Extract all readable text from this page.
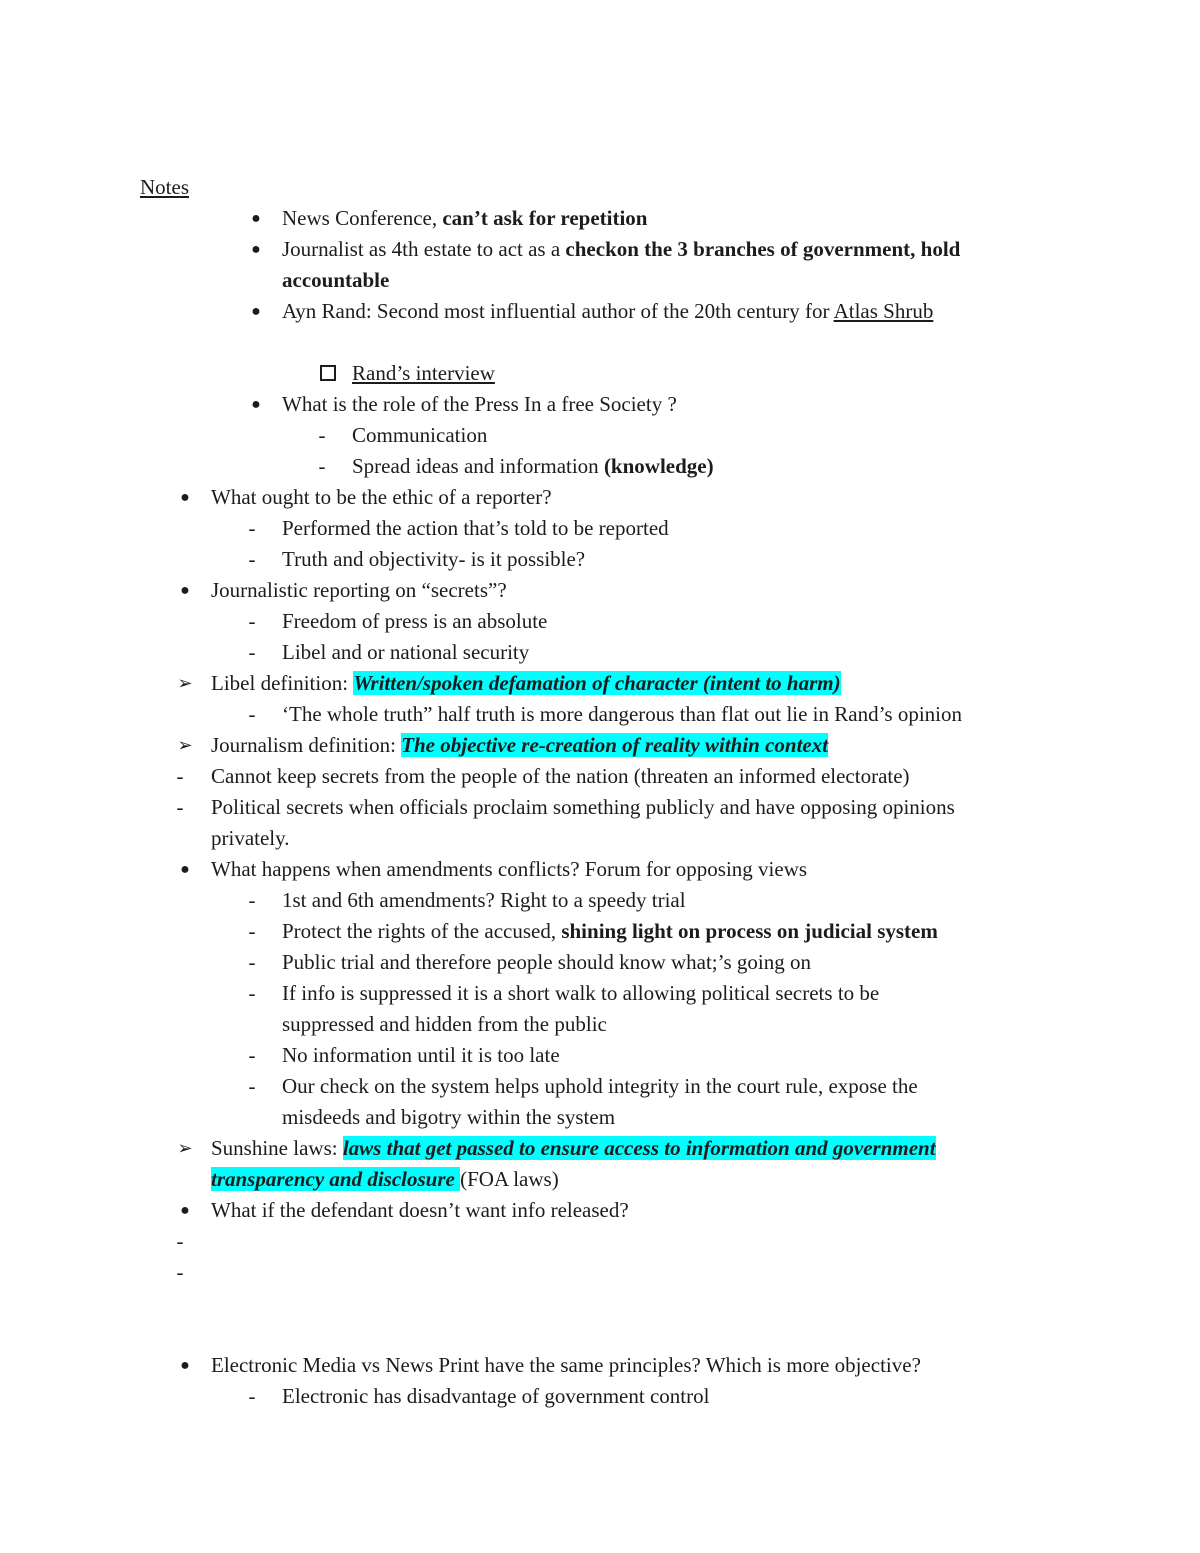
Notes
●	News Conference, can’t ask for repetition
●	Journalist as 4th estate to act as a checkon the 3 branches of government, hold
accountable
●	Ayn Rand: Second most influential author of the 20th century for Atlas Shrub
Rand’s interview
●	What is the role of the Press In a free Society ?
-	Communication
-	Spread ideas and information (knowledge)
●	What ought to be the ethic of a reporter?
-	Performed the action that’s told to be reported
-	Truth and objectivity- is it possible?
●	Journalistic reporting on “secrets”?
-	Freedom of press is an absolute
-	Libel and or national security
➢ Libel definition: Written/spoken defamation of character (intent to harm)
-	‘The whole truth” half truth is more dangerous than flat out lie in Rand’s opinion
➢ Journalism definition: The objective re-creation of reality within context
-	Cannot keep secrets from the people of the nation (threaten an informed electorate)
-	Political secrets when officials proclaim something publicly and have opposing opinions
privately.
●	What happens when amendments conflicts? Forum for opposing views
-	1st and 6th amendments? Right to a speedy trial
-	Protect the rights of the accused, shining light on process on judicial system
-	Public trial and therefore people should know what;’s going on
-	If info is suppressed it is a short walk to allowing political secrets to be
suppressed and hidden from the public
-	No information until it is too late
-	Our check on the system helps uphold integrity in the court rule, expose the
misdeeds and bigotry within the system
➢ Sunshine laws: laws that get passed to ensure access to information and government
transparency and disclosure (FOA laws)
●	What if the defendant doesn’t want info released?
-
-
●	Electronic Media vs News Print have the same principles? Which is more objective?
-	Electronic has disadvantage of government control
